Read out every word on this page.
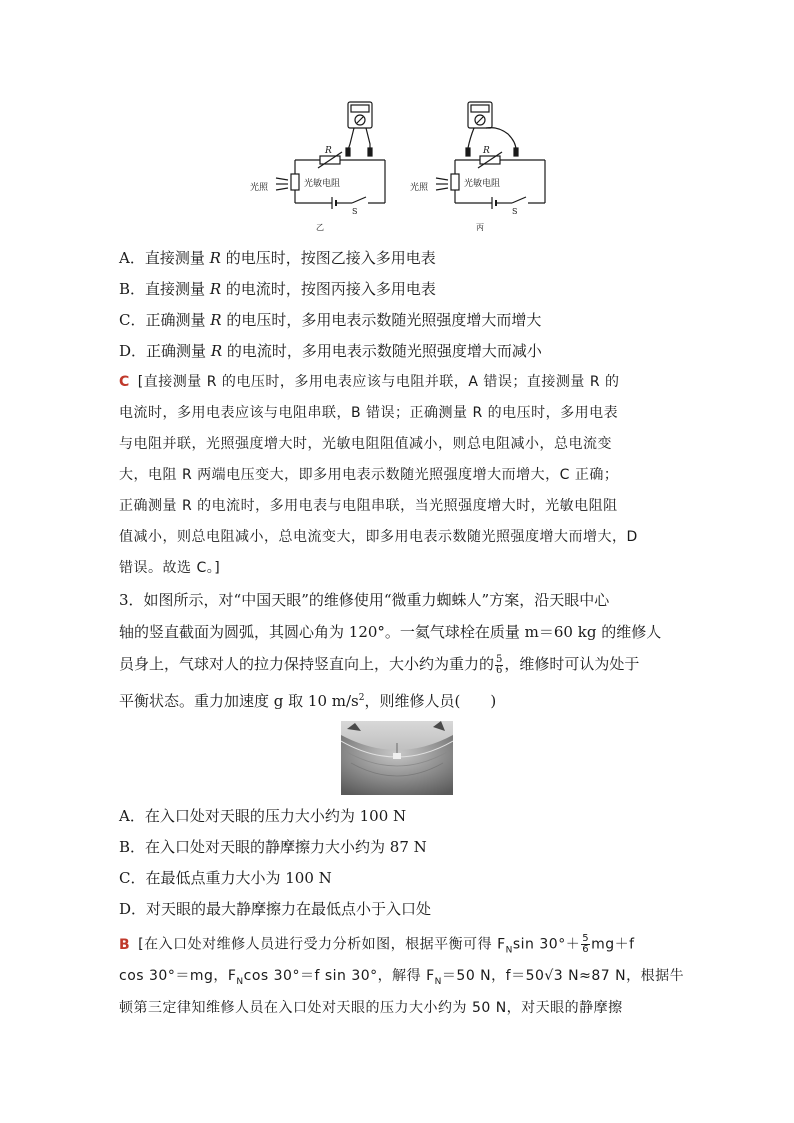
R
光敏电阻
光照
S
乙
R
光敏电阻
光照
S
丙
A．直接测量 R 的电压时，按图乙接入多用电表
B．直接测量 R 的电流时，按图丙接入多用电表
C．正确测量 R 的电压时，多用电表示数随光照强度增大而增大
D．正确测量 R 的电流时，多用电表示数随光照强度增大而减小
C [直接测量 R 的电压时，多用电表应该与电阻并联，A 错误；直接测量 R 的
电流时，多用电表应该与电阻串联，B 错误；正确测量 R 的电压时，多用电表
与电阻并联，光照强度增大时，光敏电阻阻值减小，则总电阻减小，总电流变
大，电阻 R 两端电压变大，即多用电表示数随光照强度增大而增大，C 正确；
正确测量 R 的电流时，多用电表与电阻串联，当光照强度增大时，光敏电阻阻
值减小，则总电阻减小，总电流变大，即多用电表示数随光照强度增大而增大，D
错误。故选 C。]
3．如图所示，对“中国天眼”的维修使用“微重力蜘蛛人”方案，沿天眼中心
轴的竖直截面为圆弧，其圆心角为 120°。一氦气球栓在质量 m＝60 kg 的维修人
员身上，气球对人的拉力保持竖直向上，大小约为重力的 $\frac{5}{6}$ ，维修时可认为处于
平衡状态。重力加速度 g 取 10 $m/s^2$，则维修人员(　　)
A．在入口处对天眼的压力大小约为 100 N
B．在入口处对天眼的静摩擦力大小约为 87 N
C．在最低点重力大小为 100 N
D．对天眼的最大静摩擦力在最低点小于入口处
B [在入口处对维修人员进行受力分析如图，根据平衡可得 $F_N\sin$ $30^\circ+ \frac{5}{6} mg+f$
cos 30°＝mg，$F_N\cos$ 30°＝f sin 30°，解得 $F_N=50$ N，f＝50√3 N≈87 N，根据牛
顿第三定律知维修人员在入口处对天眼的压力大小约为 50 N，对天眼的静摩擦
